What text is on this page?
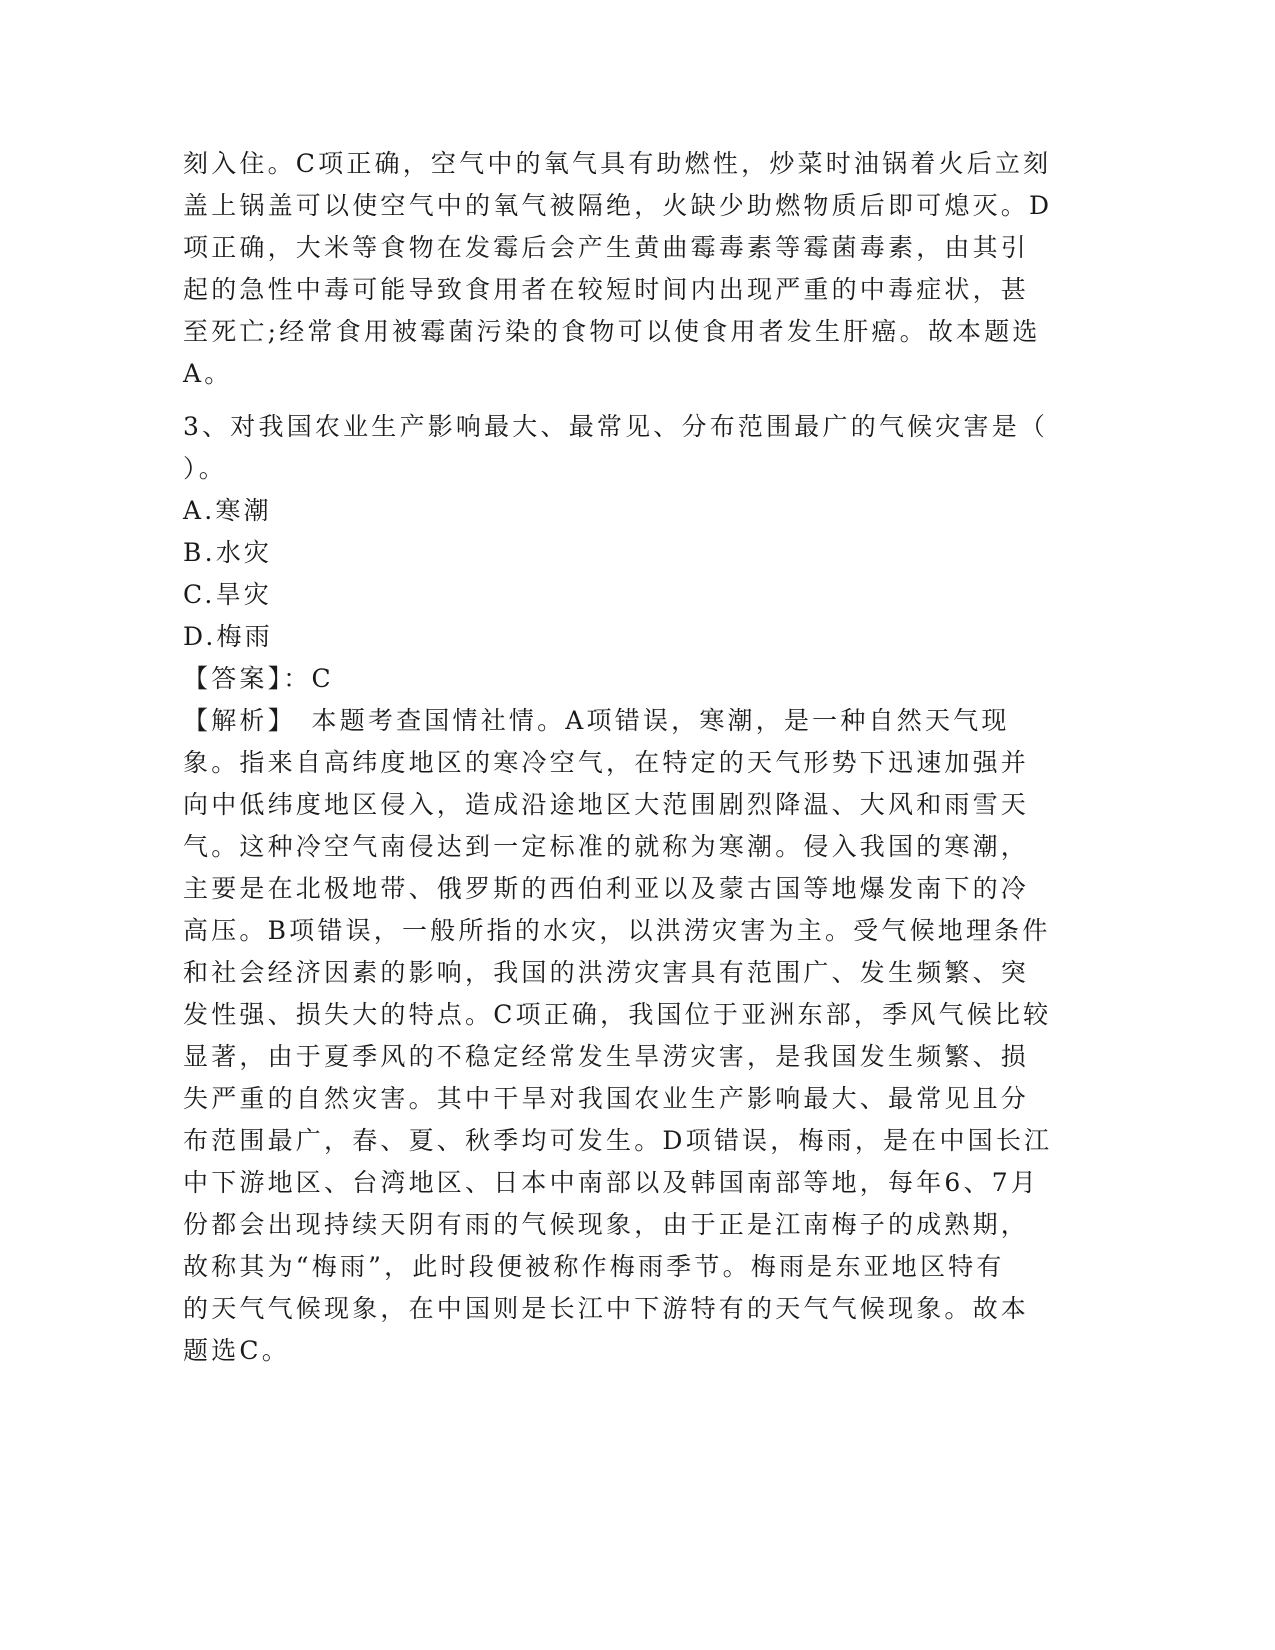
刻入住。C项正确，空气中的氧气具有助燃性，炒菜时油锅着火后立刻
盖上锅盖可以使空气中的氧气被隔绝，火缺少助燃物质后即可熄灭。D
项正确，大米等食物在发霉后会产生黄曲霉毒素等霉菌毒素，由其引
起的急性中毒可能导致食用者在较短时间内出现严重的中毒症状，甚
至死亡;经常食用被霉菌污染的食物可以使食用者发生肝癌。故本题选
A。
3、对我国农业生产影响最大、最常见、分布范围最广的气候灾害是（
）。
A.寒潮
B.水灾
C.旱灾
D.梅雨
【答案】：C
【解析】　本题考查国情社情。A项错误，寒潮，是一种自然天气现
象。指来自高纬度地区的寒冷空气，在特定的天气形势下迅速加强并
向中低纬度地区侵入，造成沿途地区大范围剧烈降温、大风和雨雪天
气。这种冷空气南侵达到一定标准的就称为寒潮。侵入我国的寒潮，
主要是在北极地带、俄罗斯的西伯利亚以及蒙古国等地爆发南下的冷
高压。B项错误，一般所指的水灾，以洪涝灾害为主。受气候地理条件
和社会经济因素的影响，我国的洪涝灾害具有范围广、发生频繁、突
发性强、损失大的特点。C项正确，我国位于亚洲东部，季风气候比较
显著，由于夏季风的不稳定经常发生旱涝灾害，是我国发生频繁、损
失严重的自然灾害。其中干旱对我国农业生产影响最大、最常见且分
布范围最广，春、夏、秋季均可发生。D项错误，梅雨，是在中国长江
中下游地区、台湾地区、日本中南部以及韩国南部等地，每年6、7月
份都会出现持续天阴有雨的气候现象，由于正是江南梅子的成熟期，
故称其为“梅雨”，此时段便被称作梅雨季节。梅雨是东亚地区特有
的天气气候现象，在中国则是长江中下游特有的天气气候现象。故本
题选C。
